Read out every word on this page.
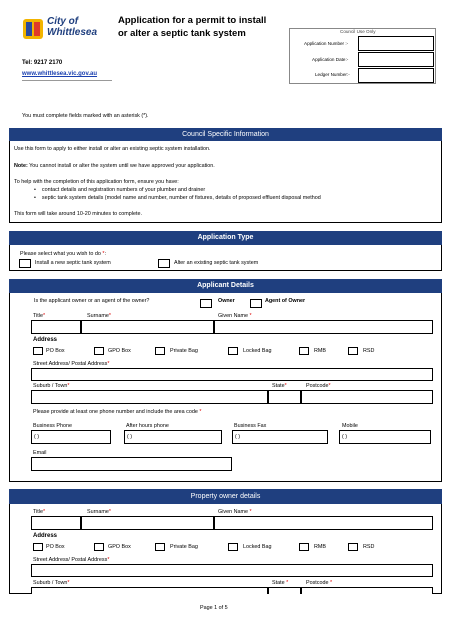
City of
Whittlesea
Application for a permit to install
or alter a septic tank system
Tel: 9217 2170
www.whittlesea.vic.gov.au
Council Use Only
Application Number :-
Application Date:-
Ledger Number:-
You must complete fields marked with an asterisk (*).
Council Specific Information
Use this form to apply to either install or alter an existing septic system installation.
Note: You cannot install or alter the system until we have approved your application.
To help with the completion of this application form, ensure you have:
•    contact details and registration numbers of your plumber and drainer
•    septic tank system details (model name and number, number of fixtures, details of proposed effluent disposal method
This form will take around 10-20 minutes to complete.
Application Type
Please select what you wish to do *:
Install a new septic tank system	Alter an existing septic tank system
Applicant Details
Is the applicant owner or an agent of the owner?	Owner	Agent of Owner
Title*	Surname*	Given Name *
Address
PO Box	GPO Box	Private Bag	Locked Bag	RMB	RSD
Street Address/ Postal Address*
Suburb / Town*	State*	Postcode*
Please provide at least one phone number and include the area code *
Business Phone	After hours phone	Business Fax	Mobile
( )	( )	( )	( )
Email
Property owner details
Title*	Surname*	Given Name *
Address
PO Box	GPO Box	Private Bag	Locked Bag	RMB	RSD
Street Address/ Postal Address*
Suburb / Town*	State *	Postcode *
Page 1 of 5
